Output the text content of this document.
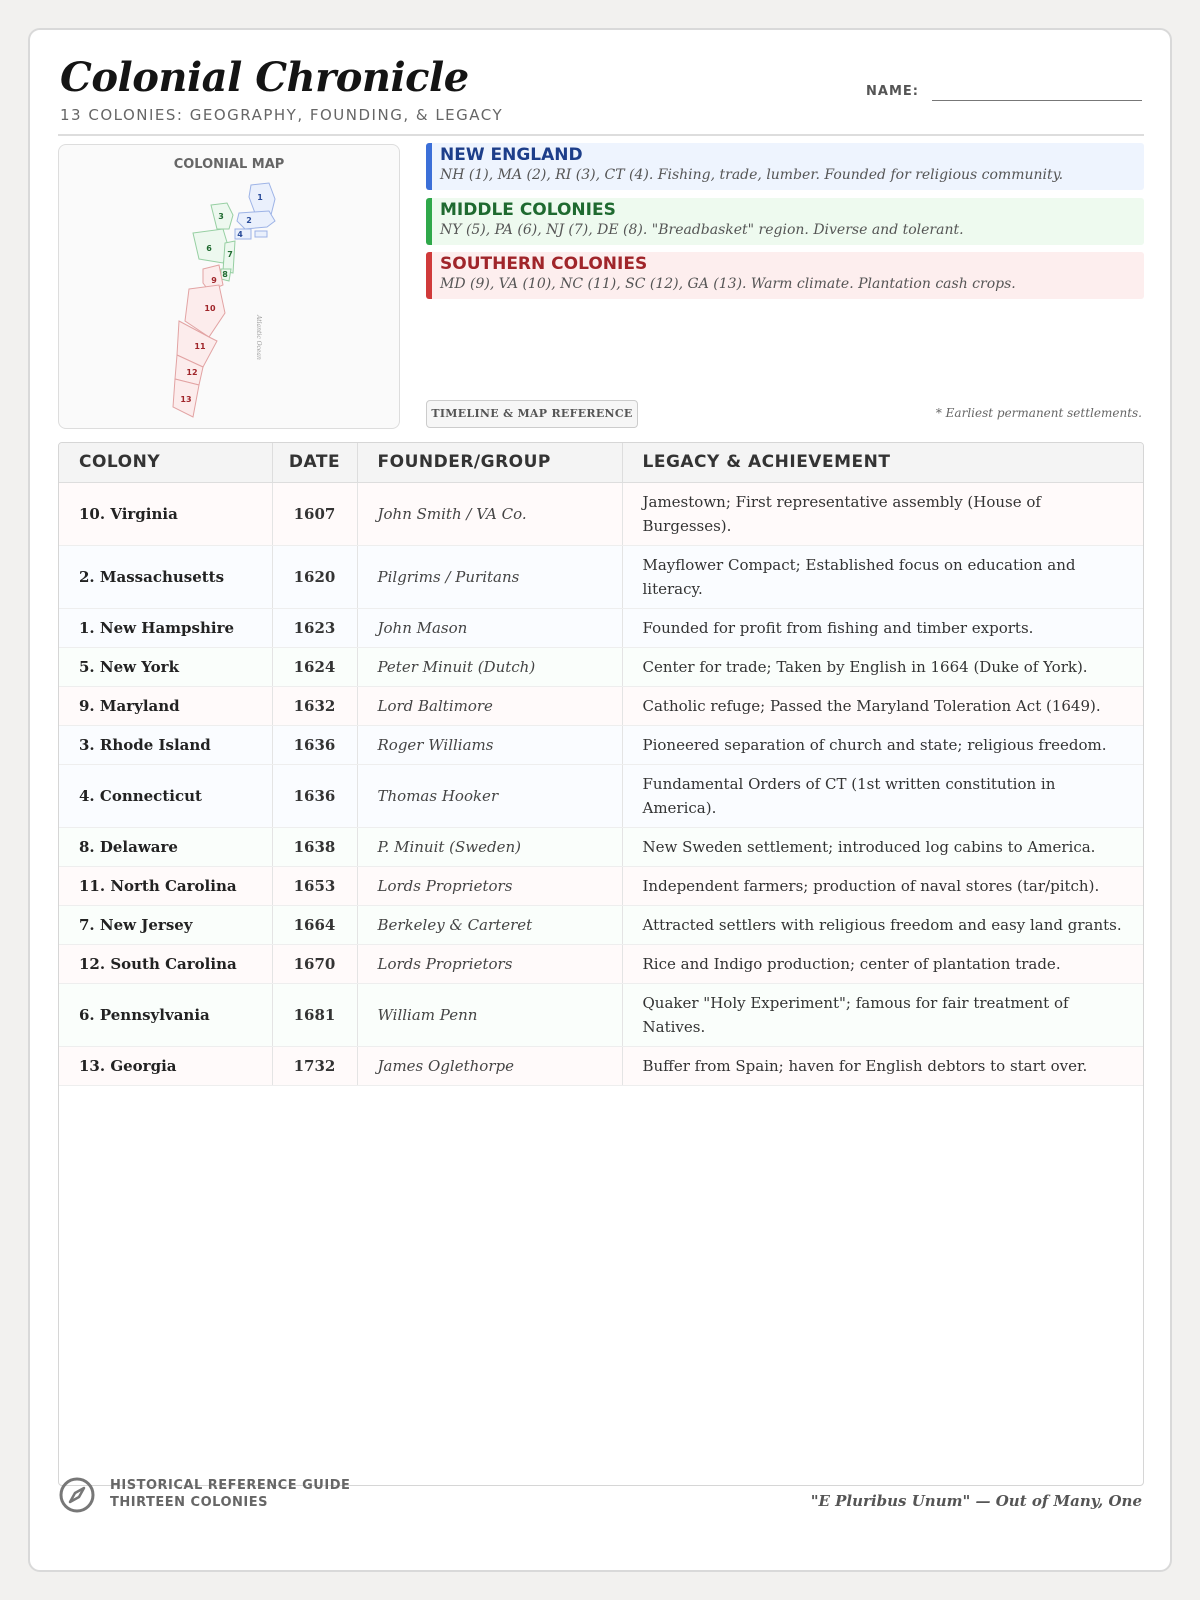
Colonial Chronicle
13 COLONIES: GEOGRAPHY, FOUNDING, & LEGACY
NAME:
COLONIAL MAP
1
2
3
4
6
7
8
9
10
11
12
13
Atlantic Ocean
NEW ENGLAND
NH (1), MA (2), RI (3), CT (4). Fishing, trade, lumber. Founded for religious community.
MIDDLE COLONIES
NY (5), PA (6), NJ (7), DE (8). "Breadbasket" region. Diverse and tolerant.
SOUTHERN COLONIES
MD (9), VA (10), NC (11), SC (12), GA (13). Warm climate. Plantation cash crops.
TIMELINE & MAP REFERENCE	* Earliest permanent settlements.
COLONY	DATE	FOUNDER/GROUP	LEGACY & ACHIEVEMENT
10. Virginia	1607	John Smith / VA Co.	Jamestown; First representative assembly (House of Burgesses).
2. Massachusetts	1620	Pilgrims / Puritans	Mayflower Compact; Established focus on education and literacy.
1. New Hampshire	1623	John Mason	Founded for profit from fishing and timber exports.
5. New York	1624	Peter Minuit (Dutch)	Center for trade; Taken by English in 1664 (Duke of York).
9. Maryland	1632	Lord Baltimore	Catholic refuge; Passed the Maryland Toleration Act (1649).
3. Rhode Island	1636	Roger Williams	Pioneered separation of church and state; religious freedom.
4. Connecticut	1636	Thomas Hooker	Fundamental Orders of CT (1st written constitution in America).
8. Delaware	1638	P. Minuit (Sweden)	New Sweden settlement; introduced log cabins to America.
11. North Carolina	1653	Lords Proprietors	Independent farmers; production of naval stores (tar/pitch).
7. New Jersey	1664	Berkeley & Carteret	Attracted settlers with religious freedom and easy land grants.
12. South Carolina	1670	Lords Proprietors	Rice and Indigo production; center of plantation trade.
6. Pennsylvania	1681	William Penn	Quaker "Holy Experiment"; famous for fair treatment of Natives.
13. Georgia	1732	James Oglethorpe	Buffer from Spain; haven for English debtors to start over.
HISTORICAL REFERENCE GUIDE
THIRTEEN COLONIES	"E Pluribus Unum" — Out of Many, One
